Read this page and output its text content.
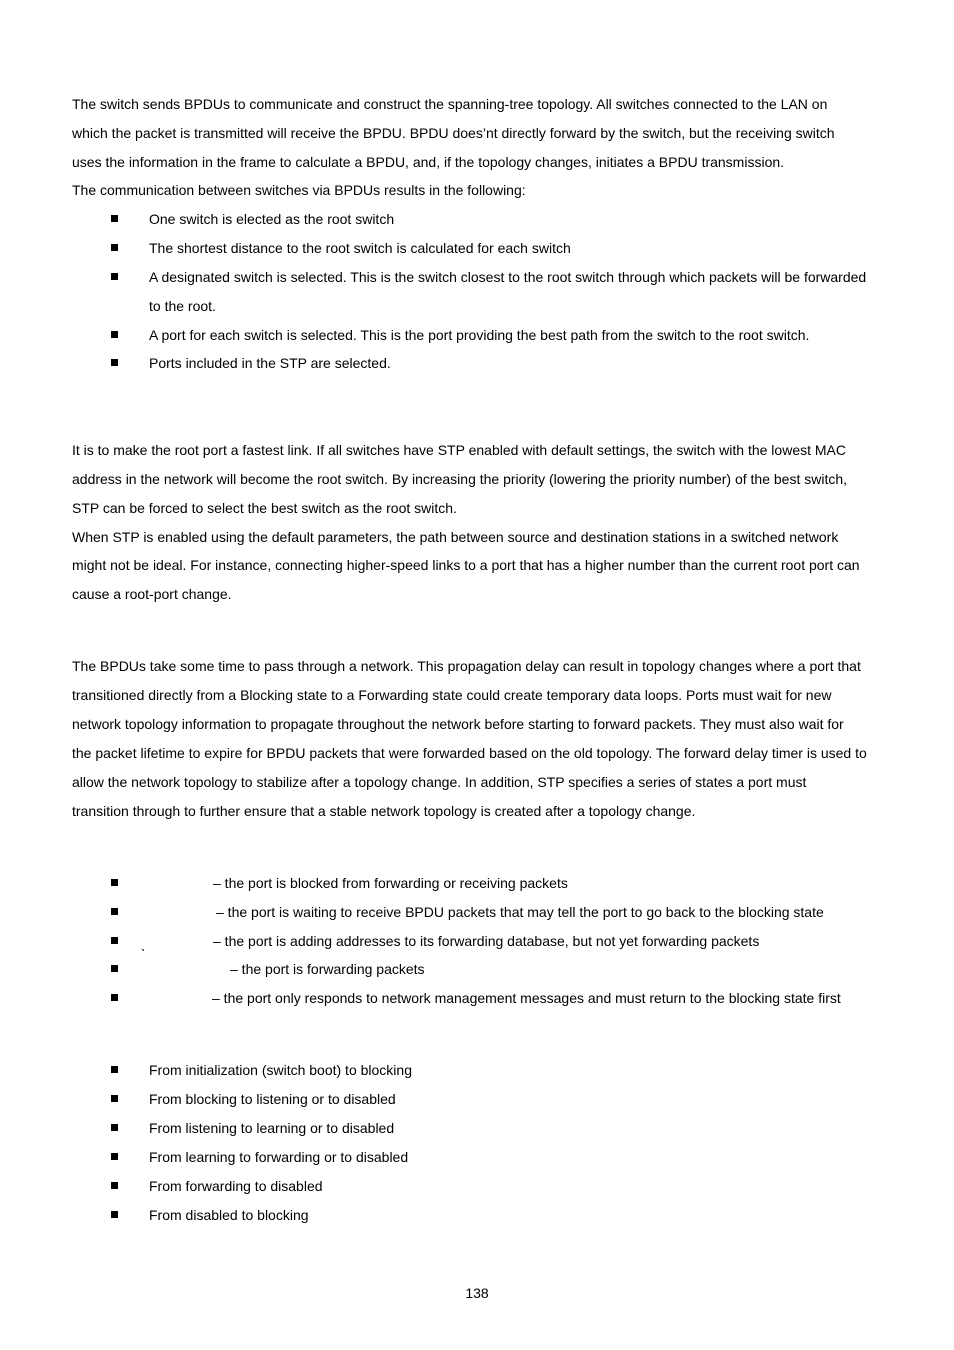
The switch sends BPDUs to communicate and construct the spanning-tree topology. All switches connected to the LAN on
which the packet is transmitted will receive the BPDU. BPDU does’nt directly forward by the switch, but the receiving switch
uses the information in the frame to calculate a BPDU, and, if the topology changes, initiates a BPDU transmission.
The communication between switches via BPDUs results in the following:
One switch is elected as the root switch
The shortest distance to the root switch is calculated for each switch
A designated switch is selected. This is the switch closest to the root switch through which packets will be forwarded
to the root.
A port for each switch is selected. This is the port providing the best path from the switch to the root switch.
Ports included in the STP are selected.
It is to make the root port a fastest link. If all switches have STP enabled with default settings, the switch with the lowest MAC
address in the network will become the root switch. By increasing the priority (lowering the priority number) of the best switch,
STP can be forced to select the best switch as the root switch.
When STP is enabled using the default parameters, the path between source and destination stations in a switched network
might not be ideal. For instance, connecting higher-speed links to a port that has a higher number than the current root port can
cause a root-port change.
The BPDUs take some time to pass through a network. This propagation delay can result in topology changes where a port that
transitioned directly from a Blocking state to a Forwarding state could create temporary data loops. Ports must wait for new
network topology information to propagate throughout the network before starting to forward packets. They must also wait for
the packet lifetime to expire for BPDU packets that were forwarded based on the old topology. The forward delay timer is used to
allow the network topology to stabilize after a topology change. In addition, STP specifies a series of states a port must
transition through to further ensure that a stable network topology is created after a topology change.
– the port is blocked from forwarding or receiving packets
– the port is waiting to receive BPDU packets that may tell the port to go back to the blocking state
ˎ	– the port is adding addresses to its forwarding database, but not yet forwarding packets
– the port is forwarding packets
– the port only responds to network management messages and must return to the blocking state first
From initialization (switch boot) to blocking
From blocking to listening or to disabled
From listening to learning or to disabled
From learning to forwarding or to disabled
From forwarding to disabled
From disabled to blocking
138
